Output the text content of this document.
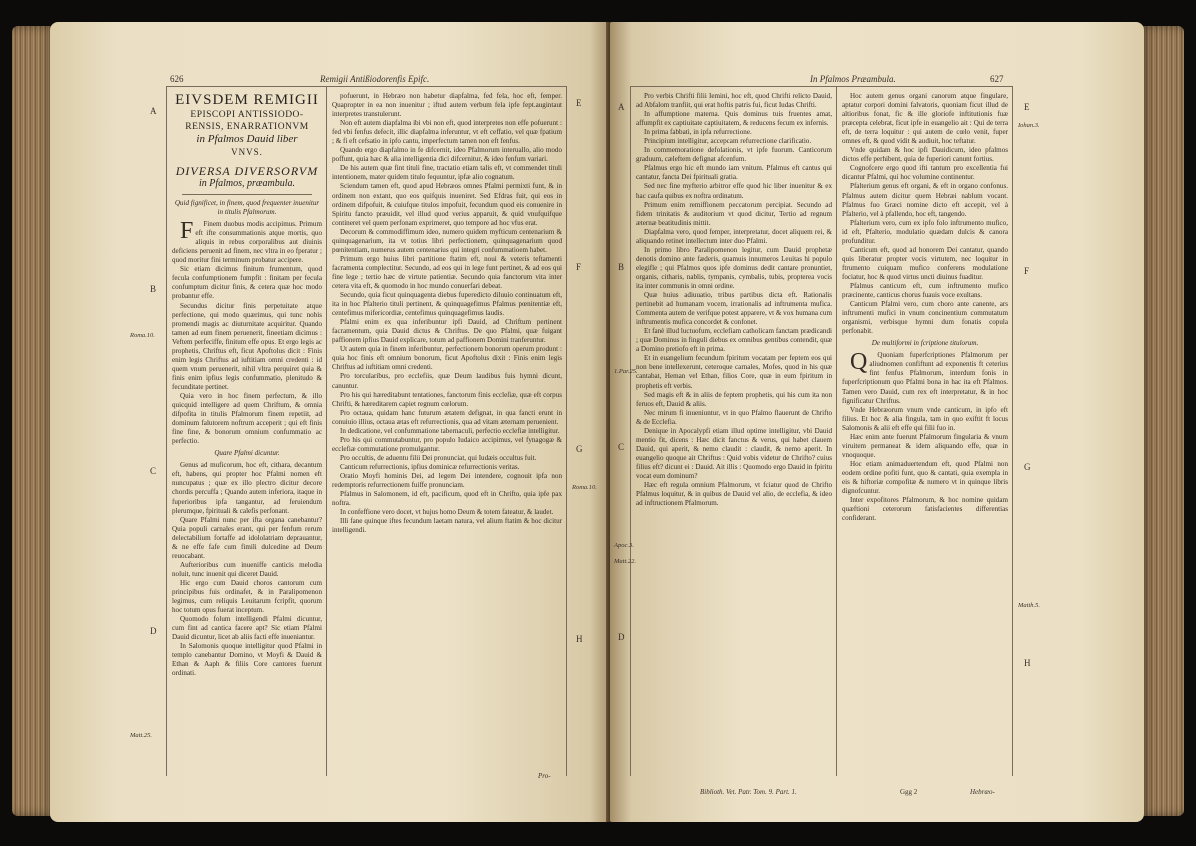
626	Remigii Antißiodorenfis Epifc.
A
B
C
D
Roma.10.
Matt.25.
E
F
G
H
Roma.10.
EIVSDEM REMIGII
EPISCOPI ANTISSIODO-
RENSIS, ENARRATIONVM
in Pfalmos Dauid liber
VNVS.
DIVERSA DIVERSORVM
in Pfalmos, præambula.

Quid fignificet, in finem, quod frequenter inuenitur in titulis Pfalmorum.

F Finem duobus modis accipimus. Primum eft ifte consummationis atque mortis, quo aliquis in rebus corporalibus aut diuinis deficiens peruenit ad finem, nec vltra in eo fperatur ; quod moritur fini terminum probatur accipere.

Sic etiam dicimus finitum frumentum, quod fecula confumptionem fumpfit : finitam per fecula confumptum dicitur finis, & cetera quæ hoc modo probantur effe.

Secundus dicitur finis perpetuitate atque perfectione, qui modo quærimus, qui tunc nobis promendi magis ac diuturnitate acquiritur. Quando tamen ad eum finem peruenerit, fineetiam dicimus : Veftem perfeciffe, finitum effe opus. Et ergo legis ac prophetis, Chriftus eft, ficut Apoftolus dicit : Finis enim legis Chriftus ad iuftitiam omni credenti : id quem vnum peruenerit, nihil vltra perquiret quia & finis enim ipfius legis confummatio, plenitudo & fecunditate pertinet.

Quia vero in hoc finem perfectum, & illo quicquid intelligere ad quem Chriftum, & omnia difpofita in titulis Pfalmorum finem repetiit, ad dominum falutorem noftrum acceperit ; qui eft finis fine fine, & bonorum omnium confummatio ac perfectio.

Quare Pfalmi dicuntur.

Genus ad muficorum, hoc eft, cithara, decantum eft, habens, qui propter hoc Pfalmi nomen eft nuncupatus ; quæ ex illo plectro dicitur decore chordis percuffa ; Quando autem inferiora, itaque in fuperioribus ipfa tangantur, ad feruiendum plerumque, fpirituali & calefis perfonant.

Quare Pfalmi nunc per ifta organa canebantur? Quia populi carnales erant, qui per fenfum rerum delectabilium fortaffe ad idololatriam deprauantur, & ne effe fafe cum fimili dulcedine ad Deum reuocabant.

Aufterioribus cum inueniffe canticis melodia noluit, tunc inuenit qui diceret Dauid.

Hic ergo cum Dauid choros cantorum cum principibus fuis ordinafet, & in Paralipomenon legimus, cum reliquis Leuitarum fcripfit, quorum hoc totum opus fuerat inceptum.

Quomodo folum intelligendi Pfalmi dicuntur, cum fint ad cantica facere apt? Sic etiam Pfalmi Dauid dicuntur, licet ab aliis facti effe inueniantur.

In Salomonis quoque intelligitur quod Pfalmi in templo canebantur Domino, vt Moyfi & Dauid & Ethan & Aaph & filiis Core cantores fuerunt ordinati.

pofuerunt, in Hebræo non habetur diapfalma, fed fela, hoc eft, femper. Quapropter in ea non inuenitur ; iftud autem verbum fela ipfe fept.augintaut interpretes transtulerunt.

Non eft autem diapfalma ibi vbi non eft, quod interpretes non effe pofuerunt : fed vbi fenfus defecit, illic diapfalma inferuntur, vt eft ceffatio, vel quæ fpatium ; & fi eft cefsatio in ipfo cantu, imperfectum tamen non eft fenfus.

Quando ergo diapfalmo in fe difcernit, ideo Pfalmorum interuallo, alio modo poffunt, quia hæc & alia intelligentia dici difcernitur, & ideo fenfum variari.

De his autem quæ fint tituli fine, tractatio etiam talis eft, vt commendet tituli intentionem, mater quidem titulo fequuntur, ipfæ alio cognatum.

Sciendum tamen eft, quod apud Hebræos omnes Pfalmi permixti funt, & in ordinem non extant, quo eos quifquis inueniret. Sed Efdras fuit, qui eos in ordinem difpofuit, & cuiufque titulos impofuit, fecundum quod eis conuenire in Spiritu fancto præuidit, vel illud quod verius apparuit, & quid vnufquifque contineret vel quem perfonam exprimeret, quo tempore ad hoc vfus erat.

Decorum & commodiffimum ideo, numero quidem myfticum centenarium & quinquagenarium, ita vt totius libri perfectionem, quinquagenarium quod pœnitentiam, numerus autem centenarius qui integri confummatioem habet.

Primum ergo huius libri partitione ftatim eft, noui & veteris teftamenti facramenta complectitur. Secundo, ad eos qui in lege funt pertinet, & ad eos qui fine lege ; tertio hæc de virtute patientiæ. Secundo quia fanctorum vita inter cetera vita eft, & quomodo in hoc mundo conuerfari debeat.

Secundo, quia ficut quinquagenta diebus fuperedicto diluuio continuatum eft, ita in hoc Pfalterio tituli pertinent, & quinquagefimus Pfalmus pœnitentiæ eft, centefimus mifericordiæ, centefimus quinquagefimus laudis.

Pfalmi enim ex qua inferibuntur ipfi Dauid, ad Chriftum pertinent facramentum, quia Dauid dictus & Chriftus. De quo Pfalmi, quæ fuigant paffionem ipfius Dauid explicare, totum ad paffionem Domini tranferuntur.

Ut autem quia in finem inferibuntur, perfectionem bonorum operum produnt : quia hoc finis eft omnium bonorum, ficut Apoftolus dixit : Finis enim legis Chriftus ad iuftitiam omni credenti.

Pro torcularibus, pro ecclefiis, quæ Deum laudibus fuis hymni dicunt, canuntur.

Pro his qui hæreditabunt tentationes, fanctorum finis eccleſiæ, quæ eft corpus Chrifti, & hæreditarem capiet regnum cœlorum.

Pro octaua, quidam hanc futurum ætatem defignat, in qua fancti erunt in conuiuio illius, octaua ætas eft refurrectionis, qua ad vitam æternam peruenient.

In dedicatione, vel confummatione tabernaculi, perfectio ecclefiæ intelligitur.

Pro his qui commutabuntur, pro populo Iudaico accipimus, vel fynagogæ & ecclefiæ commutatione promulgantur.

Pro occultis, de aduentu filii Dei pronunciat, qui Iudæis occultus fuit.

Canticum refurrectionis, ipfius dominicæ refurrectionis veritas.

Oratio Moyfi hominis Dei, ad legem Dei intendere, cognouit ipfa non redemptoris refurrectionem fuiffe pronunciam.

Pfalmus in Salomonem, id eft, pacificum, quod eft in Chrifto, quia ipfe pax noftra.

In confeffione vero docet, vt hujus homo Deum & totem fateatur, & laudet.

Illi fane quinque iftes fecundum laetam natura, vel alium ftatim & hoc dicitur intelligendi.

Pro-
In Pfalmos Præambula.	627
A
B
C
D
1.Par.25.
Apoc.3.
Matt.22.
E
F
G
H
Iohan.3.
Matth.5.

Pro verbis Chrifti filii Iemini, hoc eft, quod Chrifti relicto Dauid, ad Abfalom tranfiit, qui erat hoftis patris fui, ficut Iudas Chrifti.

In affumptione materna. Quis dominus tuis fruentes amat, affumpfit ex captiuitate captiuitatem, & reducens fecum ex infernis.

In prima fabbati, in ipfa refurrectione.

Principium intelligitur, accepcam refurrectione clarificatio.

In commemoratione defolationis, vt ipfe fuorum. Canticorum graduum, cæleftem defignat afcenfum.

Pfalmus ergo hic eft mundo iam vnitum. Pfalmus eft cantus qui cantatur, fancta Dei fpirituali gratia.

Sed nec fine myfterio arbitror effe quod hic liber inuenitur & ex hac caufa quibus ex noftra ordinatum.

Primum enim remiffionem peccatorum percipiat. Secundo ad fidem trinitatis & auditorium vt quod dicitur, Tertio ad regnum æternæ beatitudinis mittit.

Diapfalma vero, quod femper, interpretatur, docet aliquem rei, & aliquando retinet intellectum inter duo Pfalmi.

In primo libro Paralipomenon legitur, cum Dauid prophetæ denotis domino ante fæderis, quamuis innumeros Leuitas hi populo elegifle ; qui Pfalmos quos ipfe dominus dedit cantare pronuntiet, organis, citharis, nablis, tympanis, cymbalis, tubis, propterea vocis ita inter communis in omni ordine.

Quæ huius adiuuatio, tribus partibus dicta eft. Rationalis pertinebit ad humanam vocem, irrationalis ad inftrumenta mufica. Commenta autem de verifque potest apparere, vt & vox humana cum inftrumentis mufica concordet & confonet.

Et fanè illud luctuofum, ecclefiam catholicam fanctam prædicandi ; quæ Dominus in finguli diebus ex omnibus gentibus contendit, quæ a Domino pretiofo eft in prima.

Et in euangelium fecundum fpiritum vocatam per feptem eos qui non bene intellexerunt, ceteroque carnales, Mofes, quod in his quæ cantabat, Heman vel Ethan, filios Core, quæ in eum fpiritum in prophetis eft verbis.

Sed magis eft & in aliis de feptem prophetis, qui his cum ita non feruos eft, Dauid & aliis.

Nec mirum fi inueniuntur, vt in quo Pfalmo flauerunt de Chrifto & de Ecclefia.

Denique in Apocalypfi etiam illud optime intelligitur, vbi Dauid mentio fit, dicens : Hæc dicit fanctus & verus, qui habet clauem Dauid, qui aperit, & nemo claudit : claudit, & nemo aperit. In euangelio quoque ait Chriftus : Quid vobis videtur de Chrifto? cuius filius eft? dicunt ei : Dauid. Ait illis : Quomodo ergo Dauid in fpiritu vocat eum dominum?

Hæc eft regula omnium Pfalmorum, vt fciatur quod de Chrifto Pfalmus loquitur, & in quibus de Dauid vel alio, de ecclefia, & ideo ad inftructionem Pfalmorum.

Hoc autem genus organi canorum atque fingulare, aptatur corpori domini falvatoris, quoniam ficut illud de altioribus fonat, fic & ille gloriofe inftitutionis fuæ præcepta celebrat, ficut ipfe in euangelio ait : Qui de terra eft, de terra loquitur : qui autem de cœlo venit, fuper omnes eft, & quod vidit & audiuit, hoc teftatur.

Vnde quidam & hoc ipfi Dauidicum, ideo pfalmos dictos effe perhibent, quia de fuperiori canunt fortius.

Cognofcere ergo quod ifti tantum pro excellentia fui dicantur Pfalmi, qui hoc volumine continentur.

Pfalterium genus eft organi, & eft in organo confonus. Pfalmus autem dicitur quem Hebræi nablum vocant. Pfalmus fuo Græci nomine dicto eft accepit, vel à Pfalterio, vel à pfallendo, hoc eft, tangendo.

Pfalterium vero, cum ex ipfo folo inftrumento mufico, id eft, Pfalterio, modulatio quædam dulcis & canora profunditur.

Canticum eft, quod ad honorem Dei cantatur, quando quis liberatur propter vocis virtutem, nec loquitur in ftrumento cuiquam mufico conferens modulatione fociatur, hoc & quod virtus uncti diuinus fuaditur.

Pfalmus canticum eft, cum inftrumento mufico præcinente, canticus chorus fuauis voce exultans.

Canticum Pfalmi vero, cum choro ante canente, ars inftrumenti mufici in vnum concinentium commutatum organismi, verbisque hymni dum fonatis copula perfonabit.

De multiformi in fcriptione titulorum.

Q Quoniam fuperfcriptiones Pfalmorum per aliudnomen confiftunt ad exponentis ft ceterius fint fenfus Pfalmorum, interdum fonis in fuperfcriptionum quo Pfalmi bona in hac ita eft Pfalmos. Tamen vero Dauid, cum rex eft interpretatur, & in hoc fignificatur Chriftus.

Vnde Hebræorum vnum vnde canticum, in ipfo eft filius. Et hoc & alia fingula, tam in quo exiftit ft locus Salomonis & alii eft effe qui filii fuo in.

Hæc enim ante fuerunt Pfalmorum fingularia & vnum viruitem permaneat & idem aliquando effe, quæ in vnoquoque.

Hoc etiam animaduertendum eft, quod Pfalmi non eodem ordine pofiti funt, quo & cantati, quia exempla in eis & hiftoriæ compofitæ & numero vt in quinque libris dignofcuntur.

Inter expofitores Pfalmorum, & hoc nomine quidam quæftioni ceterorum fatisfacientes differentias confiderant.

Biblioth. Vet. Patr. Tom. 9. Part. 1.	Ggg 2	Hebræo-
